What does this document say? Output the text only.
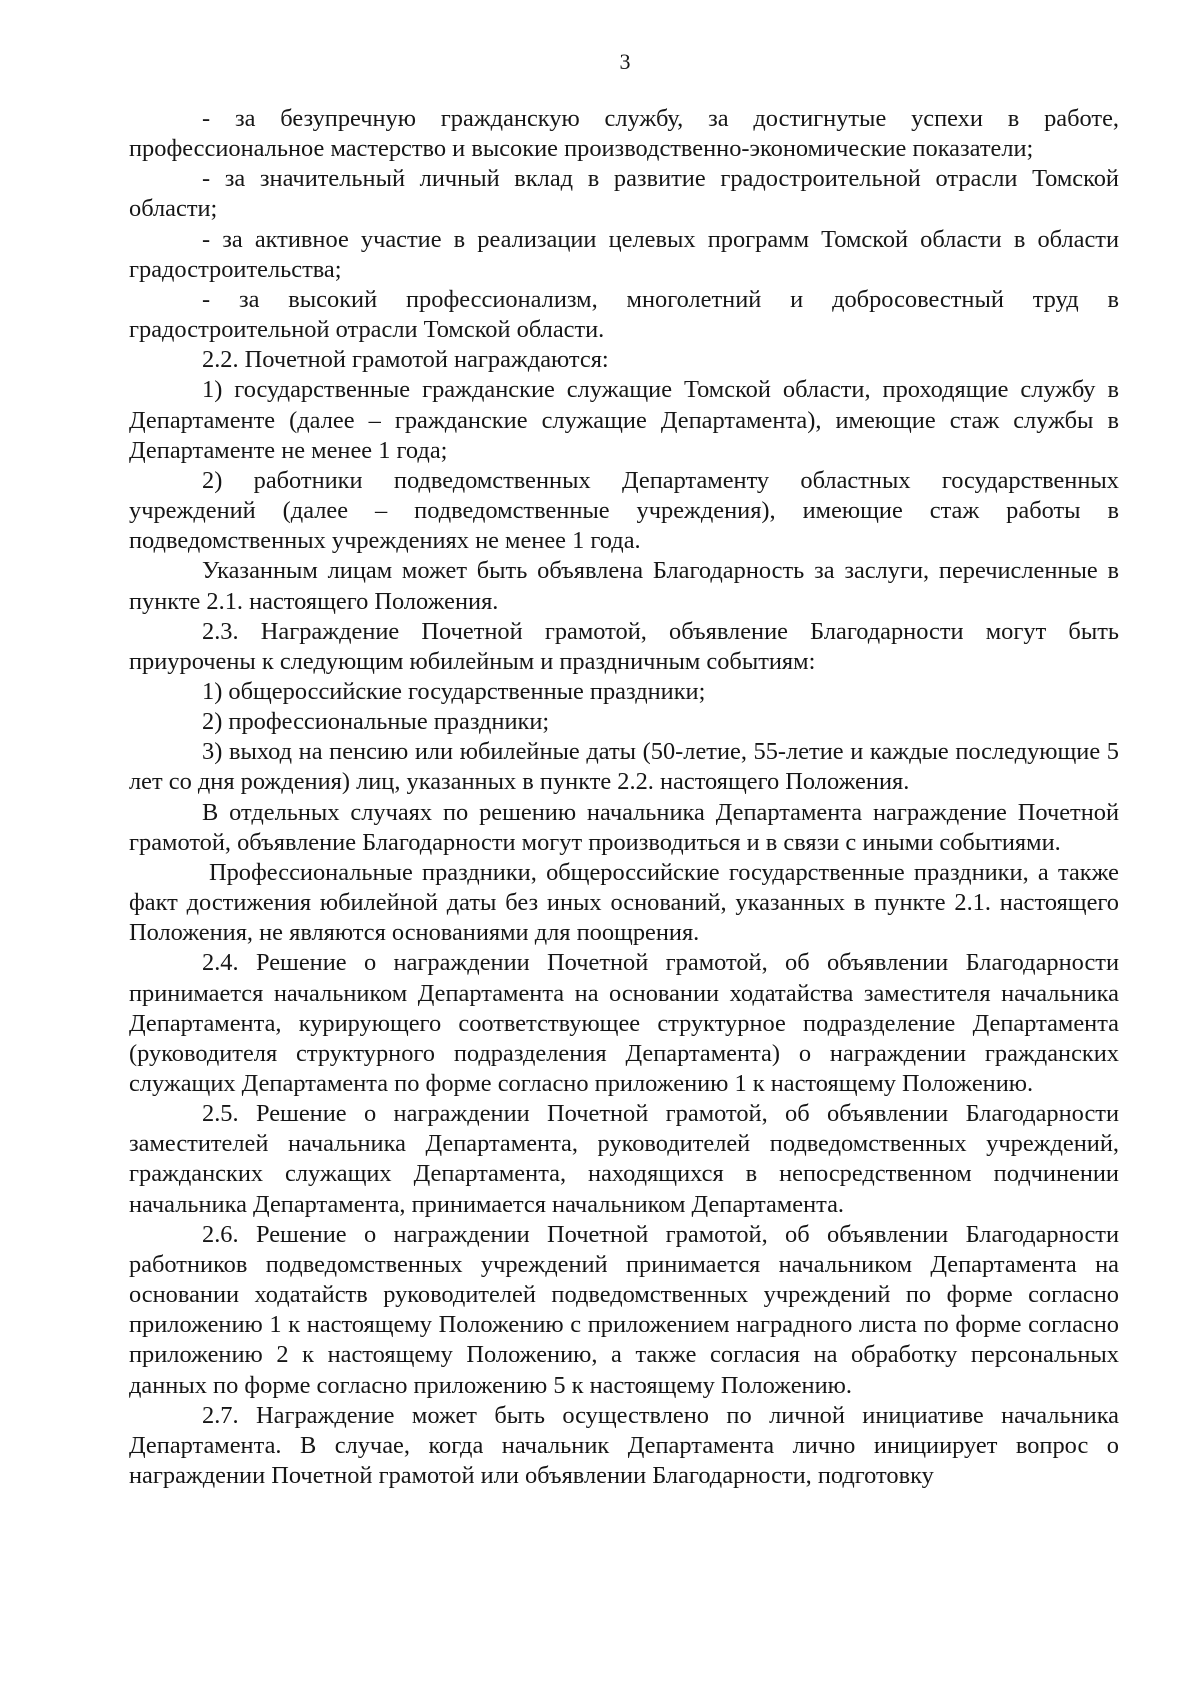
3

- за безупречную гражданскую службу, за достигнутые успехи в работе, профессиональное мастерство и высокие производственно-экономические показатели;

- за значительный личный вклад в развитие градостроительной отрасли Томской области;

- за активное участие в реализации целевых программ Томской области в области градостроительства;

- за высокий профессионализм, многолетний и добросовестный труд в градостроительной отрасли Томской области.

2.2. Почетной грамотой награждаются:

1) государственные гражданские служащие Томской области, проходящие службу в Департаменте (далее – гражданские служащие Департамента), имеющие стаж службы в Департаменте не менее 1 года;

2) работники подведомственных Департаменту областных государственных учреждений (далее – подведомственные учреждения), имеющие стаж работы в подведомственных учреждениях не менее 1 года.

Указанным лицам может быть объявлена Благодарность за заслуги, перечисленные в пункте 2.1. настоящего Положения.

2.3. Награждение Почетной грамотой, объявление Благодарности могут быть приурочены к следующим юбилейным и праздничным событиям:

1) общероссийские государственные праздники;

2) профессиональные праздники;

3) выход на пенсию или юбилейные даты (50-летие, 55-летие и каждые последующие 5 лет со дня рождения) лиц, указанных в пункте 2.2. настоящего Положения.

В отдельных случаях по решению начальника Департамента награждение Почетной грамотой, объявление Благодарности могут производиться и в связи с иными событиями.

Профессиональные праздники, общероссийские государственные праздники, а также факт достижения юбилейной даты без иных оснований, указанных в пункте 2.1. настоящего Положения, не являются основаниями для поощрения.

2.4. Решение о награждении Почетной грамотой, об объявлении Благодарности принимается начальником Департамента на основании ходатайства заместителя начальника Департамента, курирующего соответствующее структурное подразделение Департамента (руководителя структурного подразделения Департамента) о награждении гражданских служащих Департамента по форме согласно приложению 1 к настоящему Положению.

2.5. Решение о награждении Почетной грамотой, об объявлении Благодарности заместителей начальника Департамента, руководителей подведомственных учреждений, гражданских служащих Департамента, находящихся в непосредственном подчинении начальника Департамента, принимается начальником Департамента.

2.6. Решение о награждении Почетной грамотой, об объявлении Благодарности работников подведомственных учреждений принимается начальником Департамента на основании ходатайств руководителей подведомственных учреждений по форме согласно приложению 1 к настоящему Положению с приложением наградного листа по форме согласно приложению 2 к настоящему Положению, а также согласия на обработку персональных данных по форме согласно приложению 5 к настоящему Положению.

2.7. Награждение может быть осуществлено по личной инициативе начальника Департамента. В случае, когда начальник Департамента лично инициирует вопрос о награждении Почетной грамотой или объявлении Благодарности, подготовку
